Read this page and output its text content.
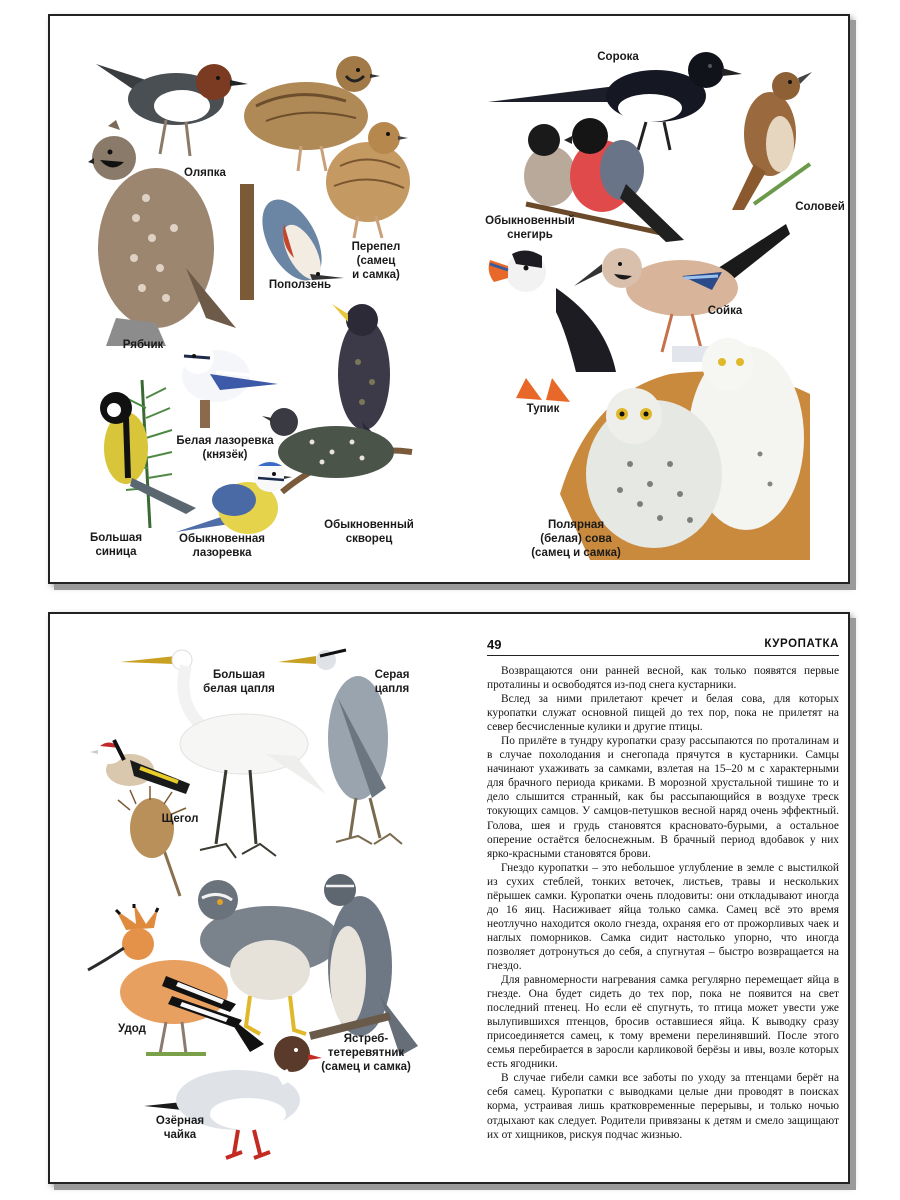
Оляпка
Рябчик
Перепел
(самец
и самка)
Поползень
Белая лазоревка
(князёк)
Большая
синица
Обыкновенная
лазоревка
Обыкновенный
скворец
Сорока
Обыкновенный
снегирь
Соловей
Тупик
Сойка
Полярная
(белая) сова
(самец и самка)
Большая
белая цапля
Серая
цапля
Щегол
Ястреб-
тетеревятник
(самец и самка)
Удод
Озёрная
чайка
49	КУРОПАТКА

Возвращаются они ранней весной, как только появятся первые проталины и освободятся из-под снега кустарники.

Вслед за ними прилетают кречет и белая сова, для которых куропатки служат основной пищей до тех пор, пока не прилетят на север бесчисленные кулики и другие птицы.

По прилёте в тундру куропатки сразу рассыпаются по проталинам и в случае похолодания и снегопада прячутся в кустарники. Самцы начинают ухаживать за самками, взлетая на 15–20 м с характерными для брачного периода криками. В морозной хрустальной тишине то и дело слышится странный, как бы рассыпающийся в воздухе треск токующих самцов. У самцов-петушков весной наряд очень эффектный. Голова, шея и грудь становятся красновато-бурыми, а остальное оперение остаётся белоснежным. В брачный период вдобавок у них ярко-красными становятся брови.

Гнездо куропатки – это небольшое углубление в земле с выстилкой из сухих стеблей, тонких веточек, листьев, травы и нескольких пёрышек самки. Куропатки очень плодовиты: они откладывают иногда до 16 яиц. Насиживает яйца только самка. Самец всё это время неотлучно находится около гнезда, охраняя его от прожорливых чаек и наглых поморников. Самка сидит настолько упорно, что иногда позволяет дотронуться до себя, а спугнутая – быстро возвращается на гнездо.

Для равномерности нагревания самка регулярно перемещает яйца в гнезде. Она будет сидеть до тех пор, пока не появится на свет последний птенец. Но если её спугнуть, то птица может увести уже вылупившихся птенцов, бросив оставшиеся яйца. К выводку сразу присоединяется самец, к тому времени перелинявший. После этого семья перебирается в заросли карликовой берёзы и ивы, возле которых есть ягодники.

В случае гибели самки все заботы по уходу за птенцами берёт на себя самец. Куропатки с выводками целые дни проводят в поисках корма, устраивая лишь кратковременные перерывы, и только ночью отдыхают как следует. Родители привязаны к детям и смело защищают их от хищников, рискуя подчас жизнью.
